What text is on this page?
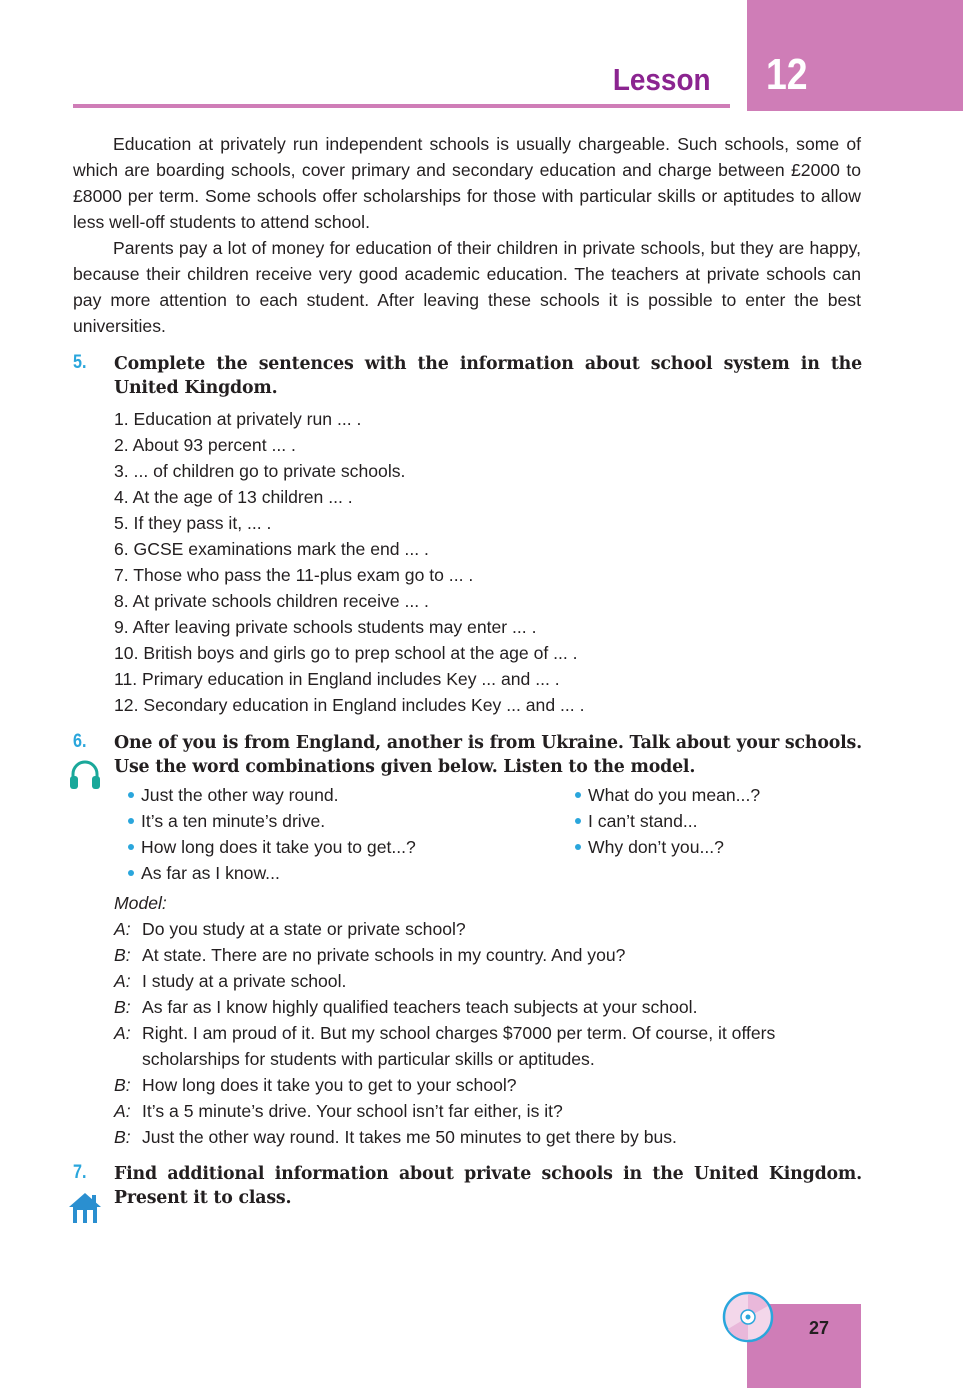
12
Lesson
Education at privately run independent schools is usually chargeable. Such schools, some of which are boarding schools, cover primary and secondary education and charge between £2000 to £8000 per term. Some schools offer scholarships for those with particular skills or aptitudes to allow less well-off students to attend school.
Parents pay a lot of money for education of their children in private schools, but they are happy, because their children receive very good academic education. The teachers at private schools can pay more attention to each student. After leaving these schools it is possible to enter the best universities.
5. Complete the sentences with the information about school system in the United Kingdom.
1. Education at privately run ... .
2. About 93 percent ... .
3. ... of children go to private schools.
4. At the age of 13 children ... .
5. If they pass it, ... .
6. GCSE examinations mark the end ... .
7. Those who pass the 11-plus exam go to ... .
8. At private schools children receive ... .
9. After leaving private schools students may enter ... .
10. British boys and girls go to prep school at the age of ... .
11. Primary education in England includes Key ... and ... .
12. Secondary education in England includes Key ... and ... .
6. One of you is from England, another is from Ukraine. Talk about your schools. Use the word combinations given below. Listen to the model.
Just the other way round.
It’s a ten minute’s drive.
How long does it take you to get...?
As far as I know...
What do you mean...?
I can’t stand...
Why don’t you...?
Model:
A: Do you study at a state or private school?
B: At state. There are no private schools in my country. And you?
A: I study at a private school.
B: As far as I know highly qualified teachers teach subjects at your school.
A: Right. I am proud of it. But my school charges $7000 per term. Of course, it offers scholarships for students with particular skills or aptitudes.
B: How long does it take you to get to your school?
A: It’s a 5 minute’s drive. Your school isn’t far either, is it?
B: Just the other way round. It takes me 50 minutes to get there by bus.
7. Find additional information about private schools in the United Kingdom. Present it to class.
27
